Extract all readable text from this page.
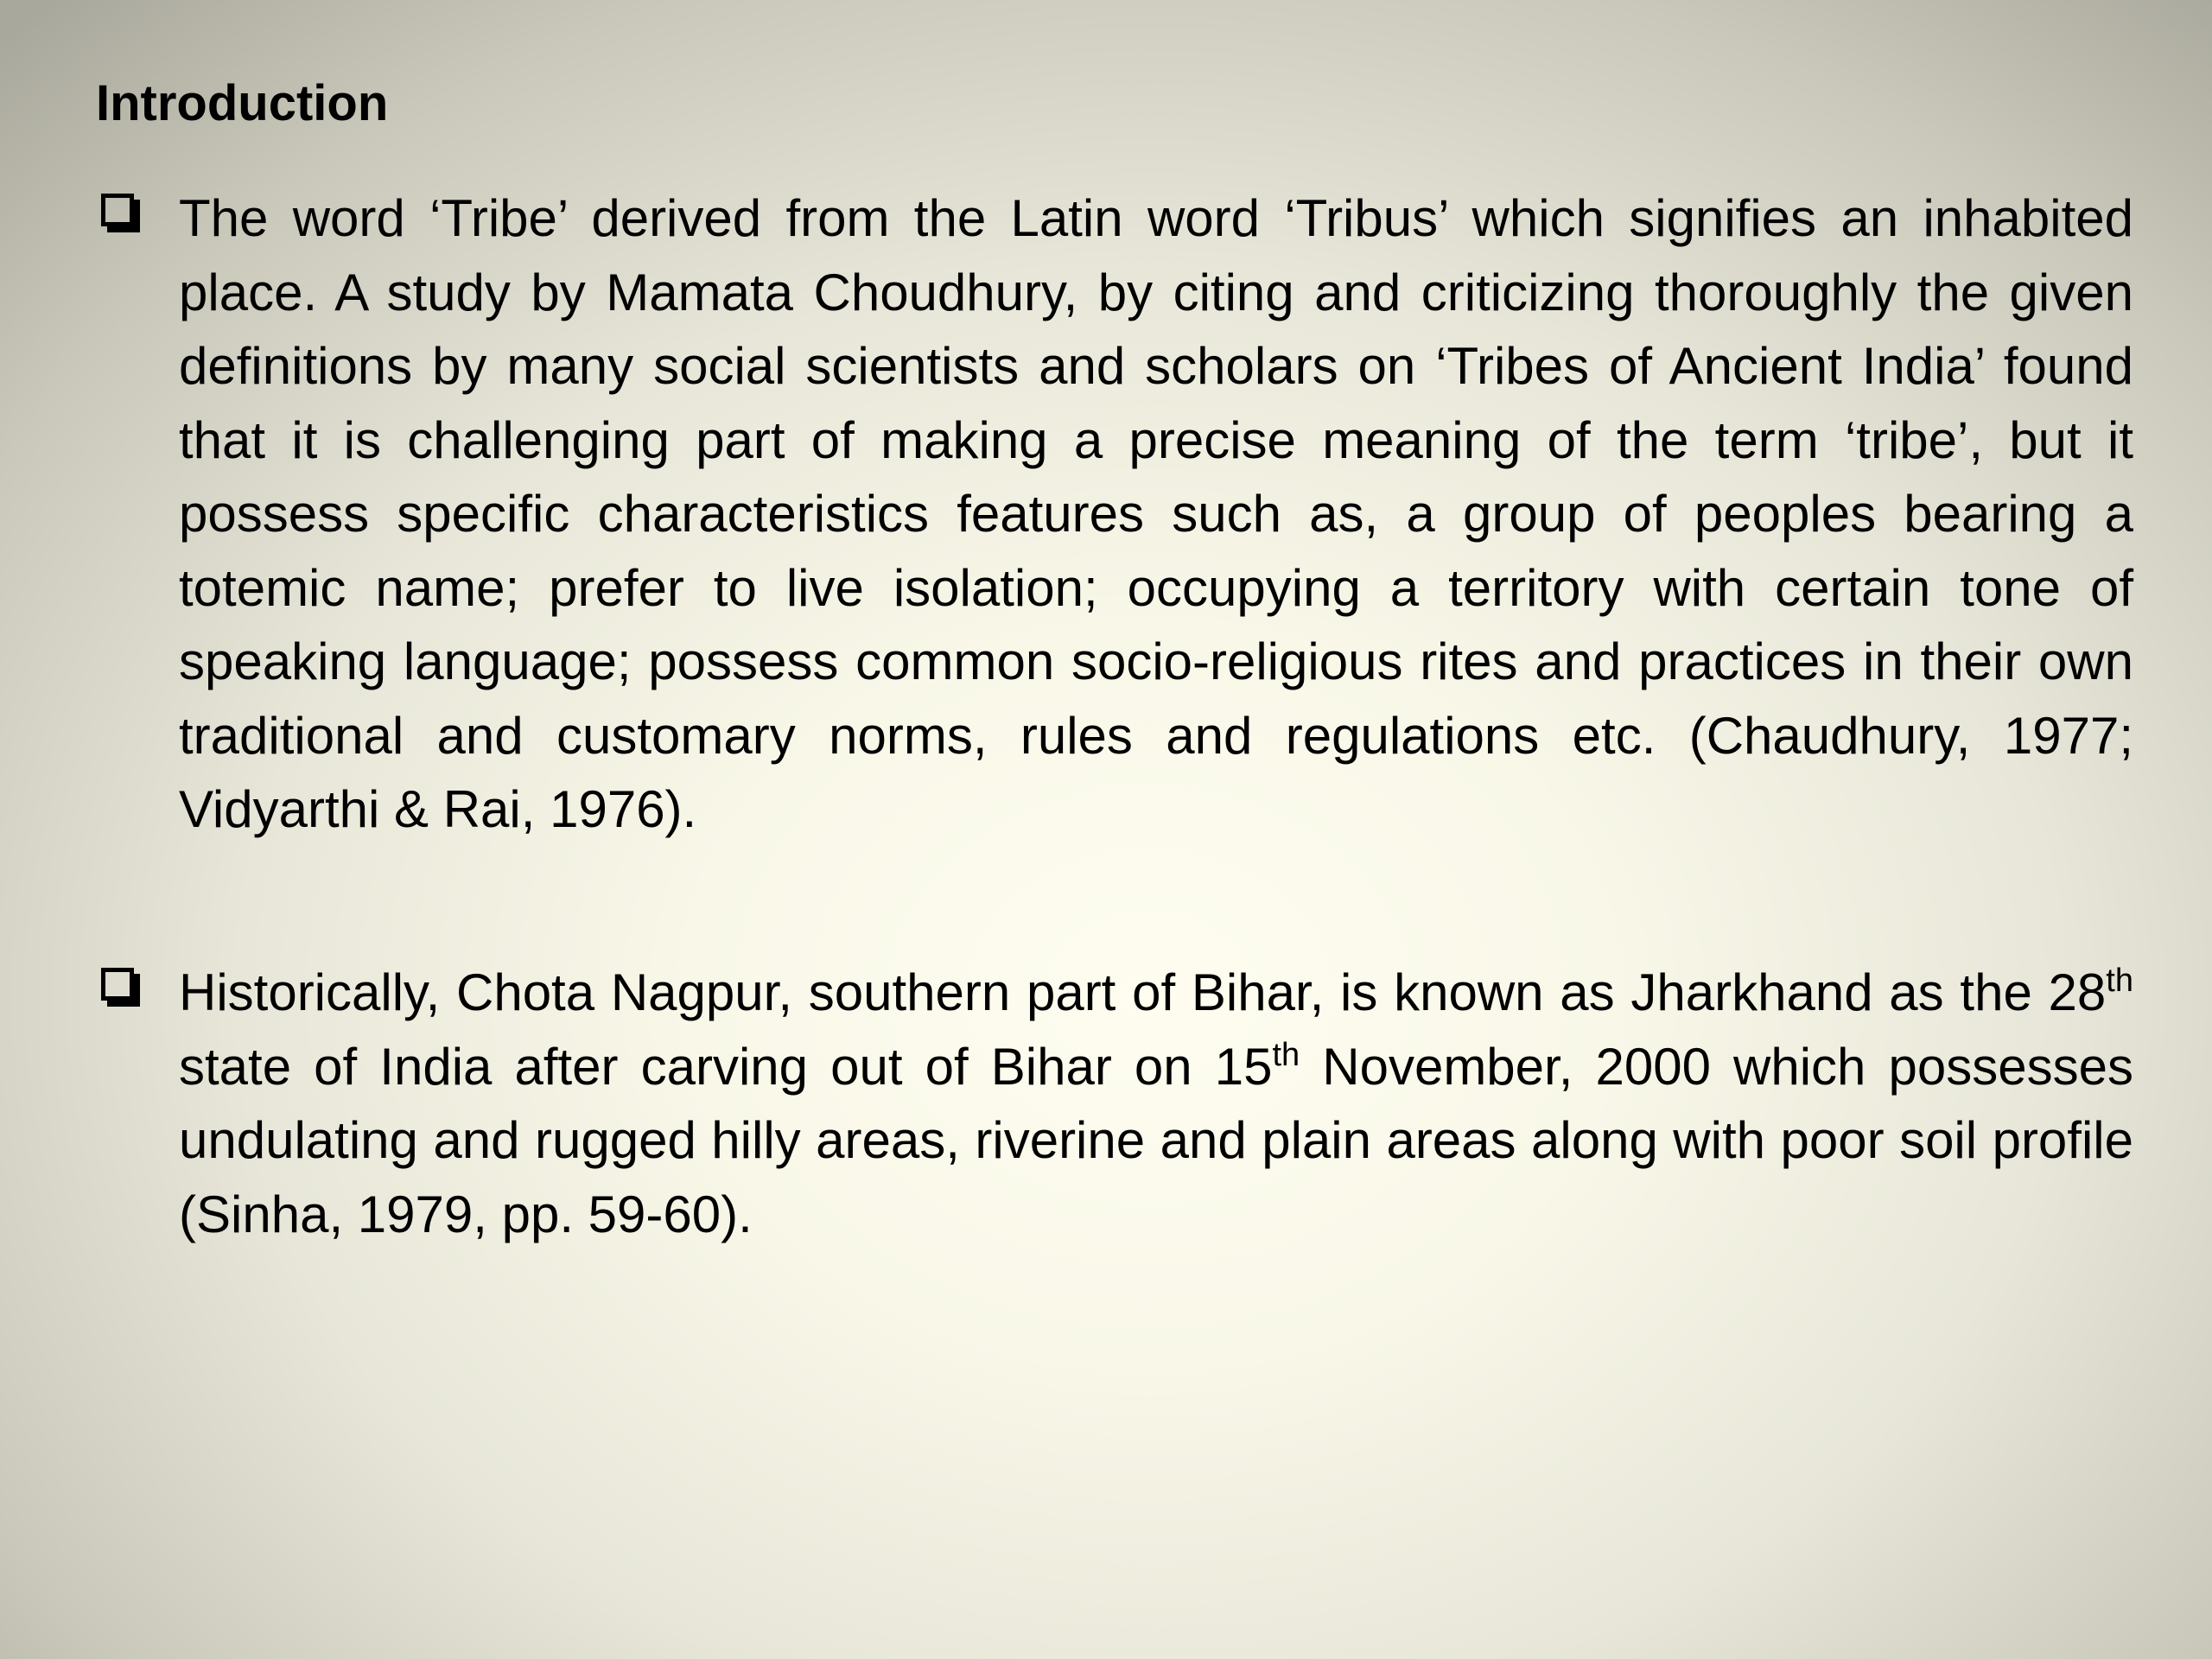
Introduction
The word ‘Tribe’ derived from the Latin word ‘Tribus’ which signifies an inhabited place. A study by Mamata Choudhury, by citing and criticizing thoroughly the given definitions by many social scientists and scholars on ‘Tribes of Ancient India’ found that it is challenging part of making a precise meaning of the term ‘tribe’, but it possess specific characteristics features such as, a group of peoples bearing a totemic name; prefer to live isolation; occupying a territory with certain tone of speaking language; possess common socio-religious rites and practices in their own traditional and customary norms, rules and regulations etc. (Chaudhury, 1977; Vidyarthi & Rai, 1976).
Historically, Chota Nagpur, southern part of Bihar, is known as Jharkhand as the 28th state of India after carving out of Bihar on 15th November, 2000 which possesses undulating and rugged hilly areas, riverine and plain areas along with poor soil profile (Sinha, 1979, pp. 59-60).
